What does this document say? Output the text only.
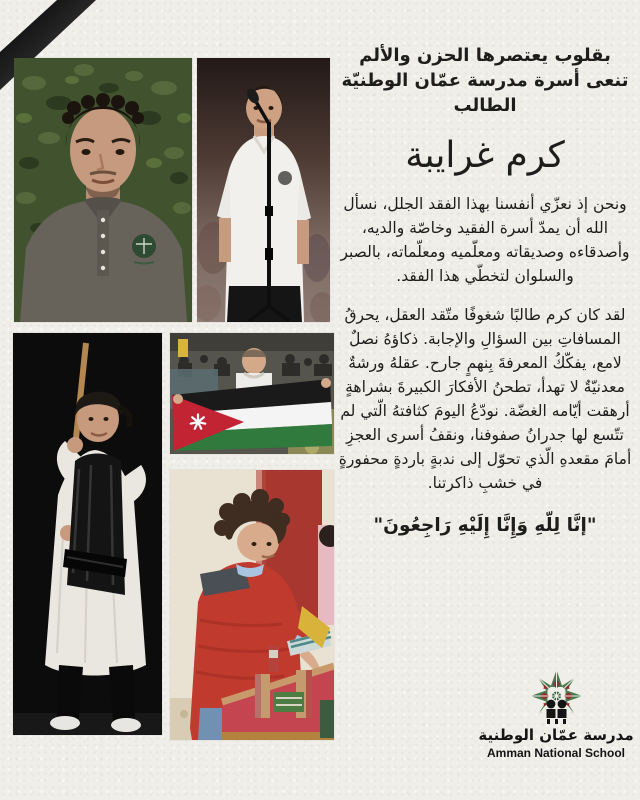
بقلوب يعتصرها الحزن والألم
تنعى أسرة مدرسة عمّان الوطنيّة
الطالب
كرم غرايبة
ونحن إذ نعزّي أنفسنا بهذا الفقد الجلل، نسأل الله أن يمدّ أسرة الفقيد وخاصّة والديه، وأصدقاءه وصديقاته ومعلّميه ومعلّماته، بالصبر والسلوان لتخطّي هذا الفقد.
لقد كان كرم طالبًا شغوفًا متّقد العقل، يحرقُ المسافاتِ بين السؤالِ والإجابة. ذكاؤهُ نصلٌ لامع، يفكّكُ المعرفةَ بِنهمٍ جارح. عقلهُ ورشةٌ معدنيّةٌ لا تهدأ، تطحنُ الأفكارَ الكبيرةَ بشراهةٍ أرهقت أيّامه الغضّة. نودّعُ اليومَ كثافتهُ الّتي لم تتّسع لها جدرانُ صفوفنا، ونقفُ أسرى العجزِ أمامَ مقعدهِ الّذي تحوّل إلى ندبةٍ باردةٍ محفورةٍ في خشبِ ذاكرتنا.
"إنَّا لِلّهِ وَإِنَّا إِلَيْهِ رَاجِعُونَ"
مدرسة عمّان الوطنية
Amman National School
